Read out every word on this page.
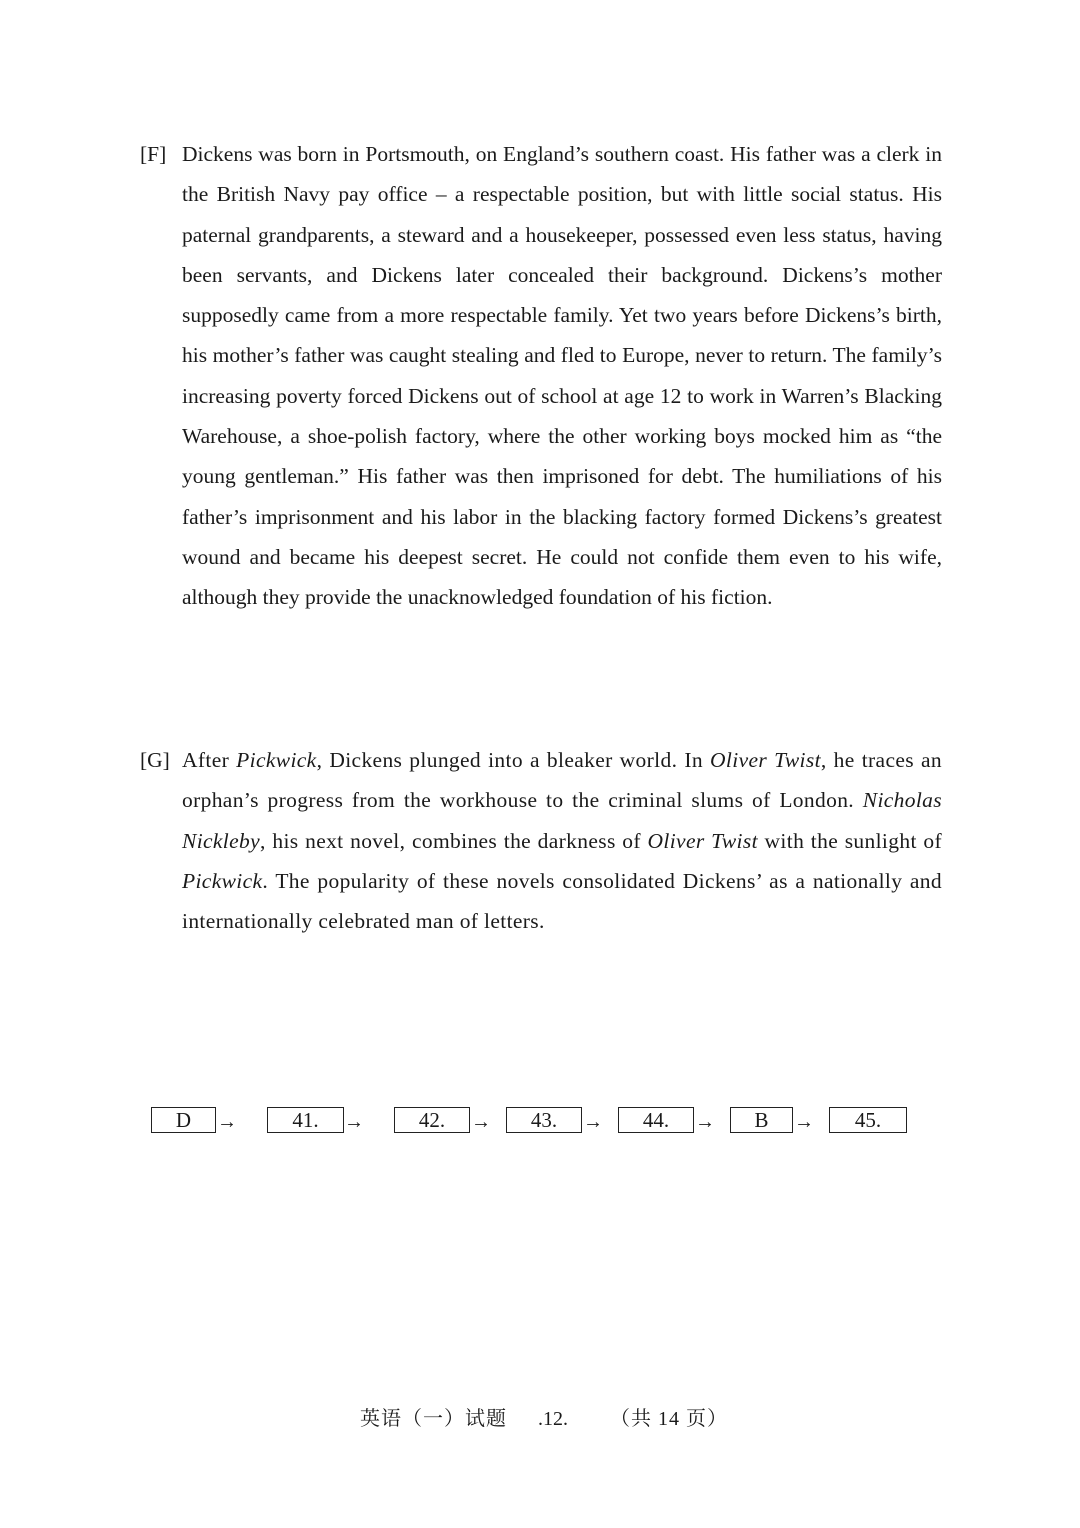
[F] Dickens was born in Portsmouth, on England’s southern coast. His father was a clerk in the British Navy pay office – a respectable position, but with little social status. His paternal grandparents, a steward and a housekeeper, possessed even less status, having been servants, and Dickens later concealed their background. Dickens’s mother supposedly came from a more respectable family. Yet two years before Dickens’s birth, his mother’s father was caught stealing and fled to Europe, never to return. The family’s increasing poverty forced Dickens out of school at age 12 to work in Warren’s Blacking Warehouse, a shoe-polish factory, where the other working boys mocked him as “the young gentleman.” His father was then imprisoned for debt. The humiliations of his father’s imprisonment and his labor in the blacking factory formed Dickens’s greatest wound and became his deepest secret. He could not confide them even to his wife, although they provide the unacknowledged foundation of his fiction.
[G] After Pickwick, Dickens plunged into a bleaker world. In Oliver Twist, he traces an orphan’s progress from the workhouse to the criminal slums of London. Nicholas Nickleby, his next novel, combines the darkness of Oliver Twist with the sunlight of Pickwick. The popularity of these novels consolidated Dickens’ as a nationally and internationally celebrated man of letters.
D	→	41.	→	42.	→	43.	→	44.	→	B	→	45.
英语（一）试题 .12. （共 14 页）
